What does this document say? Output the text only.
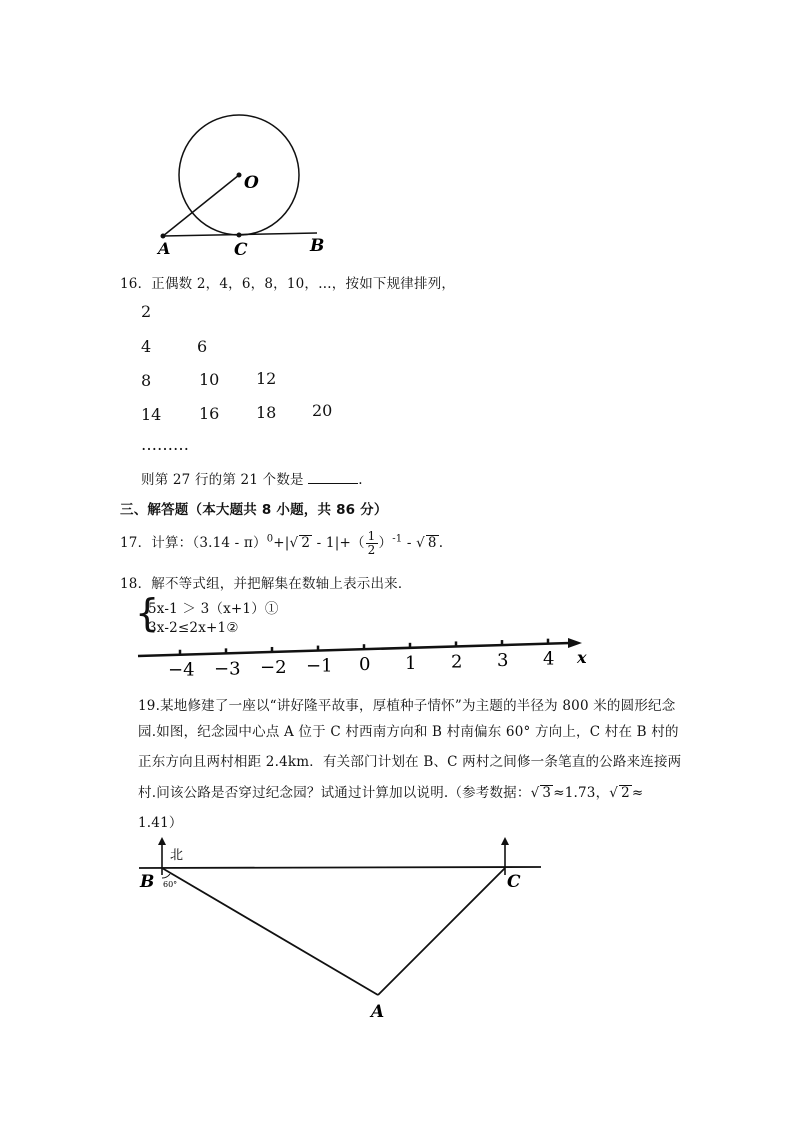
O
A	C	B
16．正偶数 2，4，6，8，10，…，按如下规律排列，
2
4	6
8	10 12
14 16 18 20
………
则第 27 行的第 21 个数是	.
三、解答题（本大题共 8 小题，共 86 分）
17．计算：（3.14 - π）$^0$+|√ $2 - 1|+( \frac{1}{2} )^{-1}$ - √ 8 .
18．解不等式组，并把解集在数轴上表示出来．
{
5x-1 ＞ 3（x+1）①
3x-2≤2x+1②
−4 −3 −2 −1 0 1 2 3 4 x
19.某地修建了一座以“讲好隆平故事，厚植种子情怀”为主题的半径为 800 米的圆形纪念
园.如图，纪念园中心点 A 位于 C 村西南方向和 B 村南偏东 60° 方向上，C 村在 B 村的
正东方向且两村相距 2.4km．有关部门计划在 B、C 两村之间修一条笔直的公路来连接两
村.问该公路是否穿过纪念园？试通过计算加以说明.（参考数据：√ 3 ≈1.73，√ 2 ≈
1.41）
北
B 60°	C
A
